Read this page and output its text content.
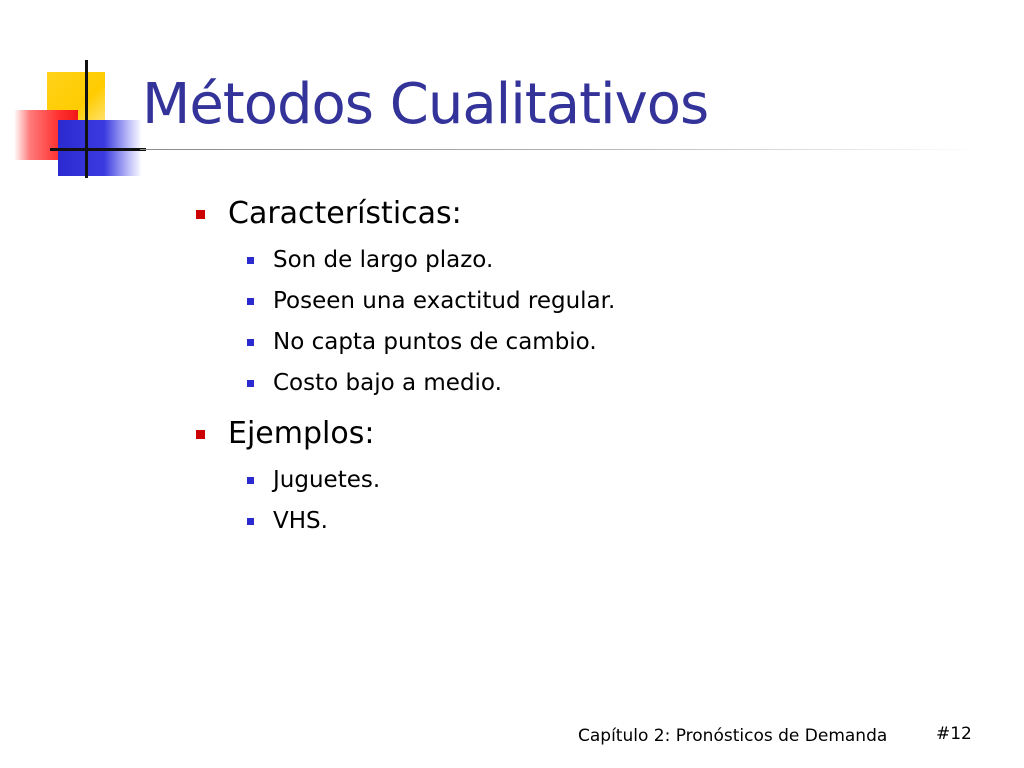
Métodos Cualitativos
Características:
Son de largo plazo.
Poseen una exactitud regular.
No capta puntos de cambio.
Costo bajo a medio.
Ejemplos:
Juguetes.
VHS.
Capítulo 2: Pronósticos de Demanda	#12
